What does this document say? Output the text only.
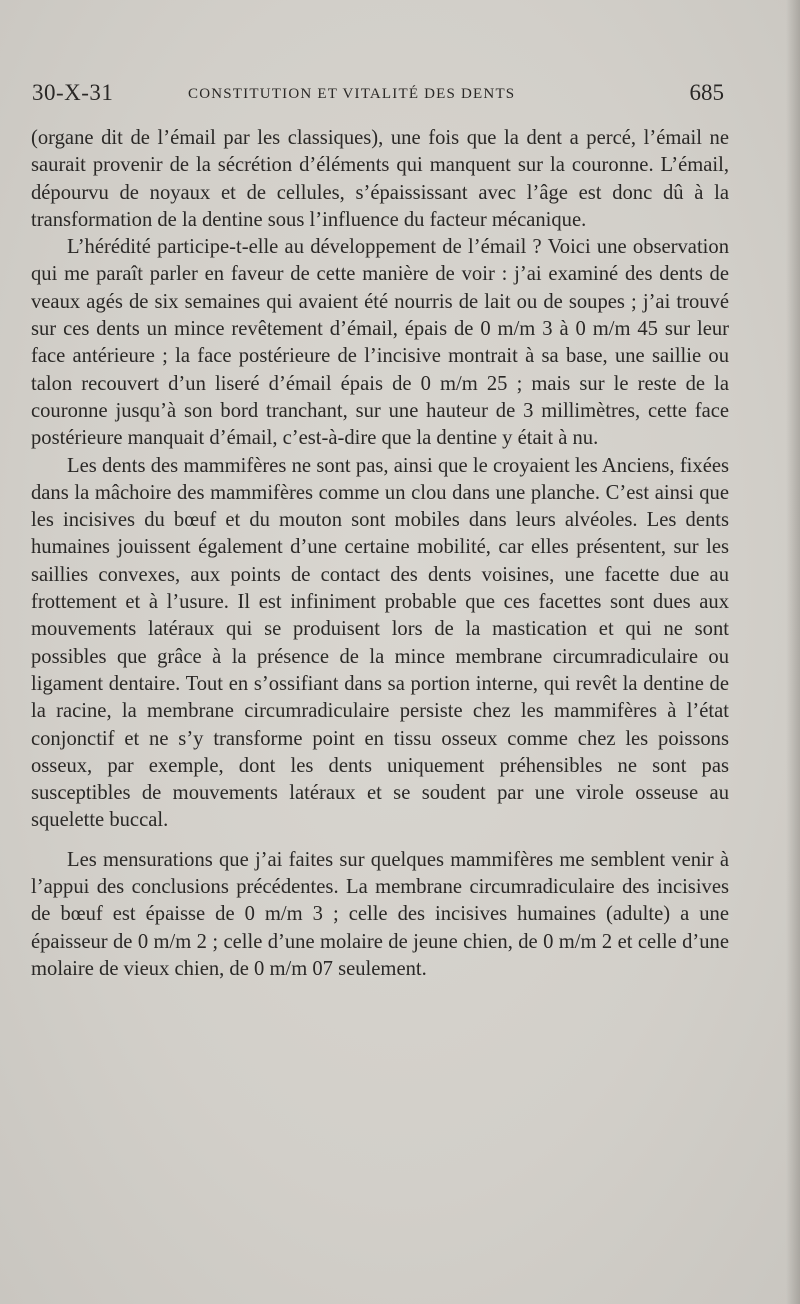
30-X-31	CONSTITUTION ET VITALITÉ DES DENTS	685

(organe dit de l’émail par les classiques), une fois que la dent a percé, l’émail ne saurait provenir de la sécrétion d’éléments qui manquent sur la couronne. L’émail, dépourvu de noyaux et de cellules, s’épaississant avec l’âge est donc dû à la transformation de la dentine sous l’influence du facteur mécanique.

L’hérédité participe-t-elle au développement de l’émail ? Voici une observation qui me paraît parler en faveur de cette manière de voir : j’ai examiné des dents de veaux agés de six semaines qui avaient été nourris de lait ou de soupes ; j’ai trouvé sur ces dents un mince revêtement d’émail, épais de 0 m/m 3 à 0 m/m 45 sur leur face antérieure ; la face postérieure de l’incisive montrait à sa base, une saillie ou talon recouvert d’un liseré d’émail épais de 0 m/m 25 ; mais sur le reste de la couronne jusqu’à son bord tranchant, sur une hauteur de 3 millimètres, cette face postérieure manquait d’émail, c’est-à-dire que la dentine y était à nu.

Les dents des mammifères ne sont pas, ainsi que le croyaient les Anciens, fixées dans la mâchoire des mammifères comme un clou dans une planche. C’est ainsi que les incisives du bœuf et du mouton sont mobiles dans leurs alvéoles. Les dents humaines jouissent également d’une certaine mobilité, car elles présentent, sur les saillies convexes, aux points de contact des dents voisines, une facette due au frottement et à l’usure. Il est infiniment probable que ces facettes sont dues aux mouvements latéraux qui se produisent lors de la mastication et qui ne sont possibles que grâce à la présence de la mince membrane circumradiculaire ou ligament dentaire. Tout en s’ossifiant dans sa portion interne, qui revêt la dentine de la racine, la membrane circumradiculaire persiste chez les mammifères à l’état conjonctif et ne s’y transforme point en tissu osseux comme chez les poissons osseux, par exemple, dont les dents uniquement préhensibles ne sont pas susceptibles de mouvements latéraux et se soudent par une virole osseuse au squelette buccal.

Les mensurations que j’ai faites sur quelques mammifères me semblent venir à l’appui des conclusions précédentes. La membrane circumradiculaire des incisives de bœuf est épaisse de 0 m/m 3 ; celle des incisives humaines (adulte) a une épaisseur de 0 m/m 2 ; celle d’une molaire de jeune chien, de 0 m/m 2 et celle d’une molaire de vieux chien, de 0 m/m 07 seulement.
